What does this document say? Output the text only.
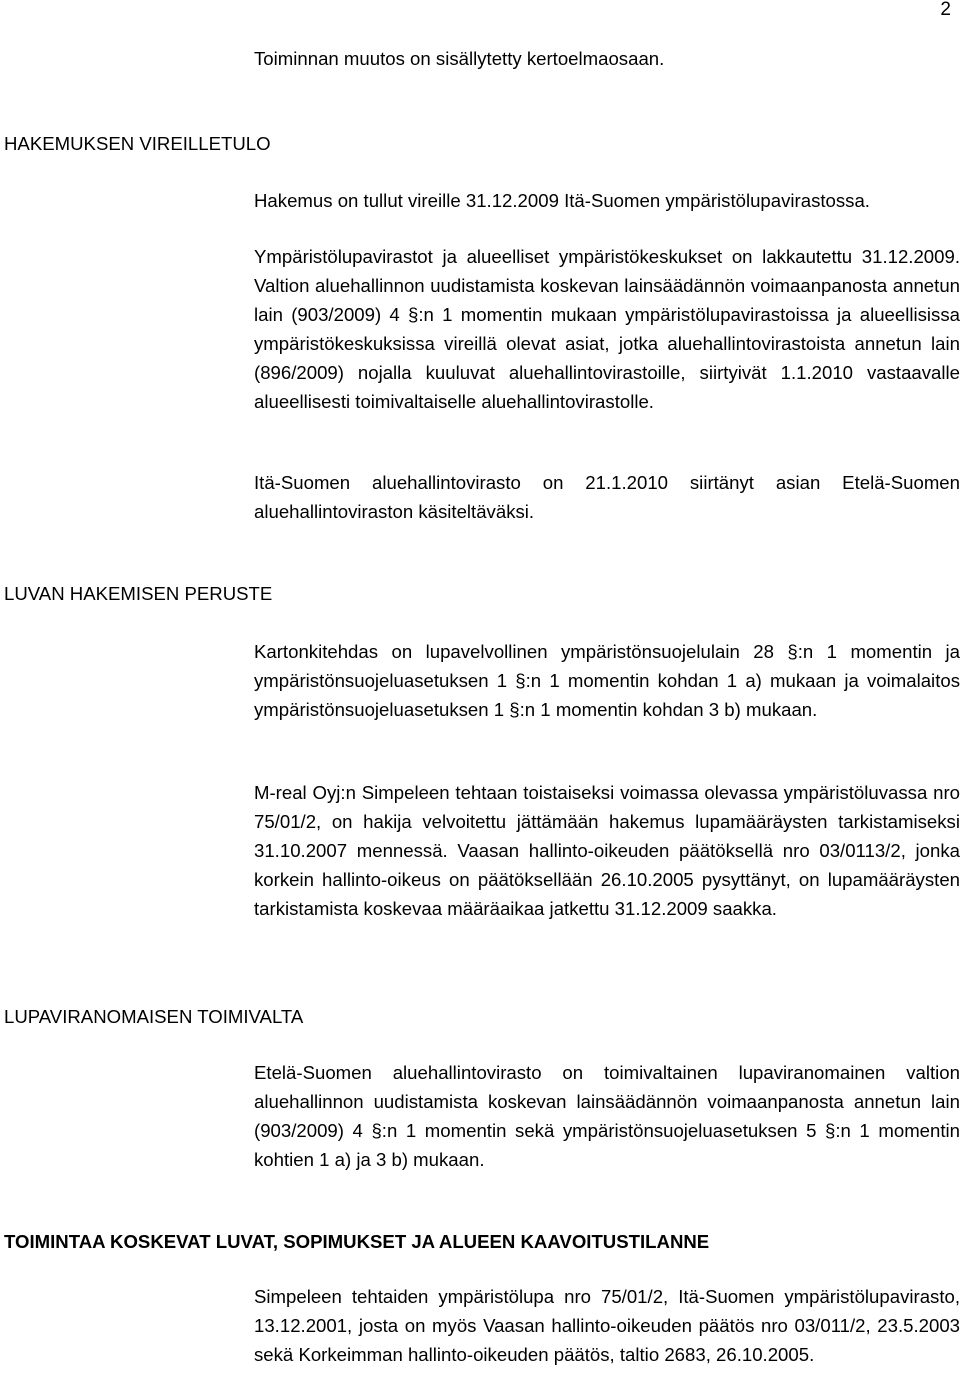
2

Toiminnan muutos on sisällytetty kertoelmaosaan.

HAKEMUKSEN VIREILLETULO

Hakemus on tullut vireille 31.12.2009 Itä-Suomen ympäristölupavirastossa.

Ympäristölupavirastot ja alueelliset ympäristökeskukset on lakkautettu 31.12.2009. Valtion aluehallinnon uudistamista koskevan lainsäädännön voimaanpanosta annetun lain (903/2009) 4 §:n 1 momentin mukaan ympäristölupavirastoissa ja alueellisissa ympäristökeskuksissa vireillä olevat asiat, jotka aluehallintovirastoista annetun lain (896/2009) nojalla kuuluvat aluehallintovirastoille, siirtyivät 1.1.2010 vastaavalle alueellisesti toimivaltaiselle aluehallintovirastolle.

Itä-Suomen aluehallintovirasto on 21.1.2010 siirtänyt asian Etelä-Suomen aluehallintoviraston käsiteltäväksi.

LUVAN HAKEMISEN PERUSTE

Kartonkitehdas on lupavelvollinen ympäristönsuojelulain 28 §:n 1 momentin ja ympäristönsuojeluasetuksen 1 §:n 1 momentin kohdan 1 a) mukaan ja voimalaitos ympäristönsuojeluasetuksen 1 §:n 1 momentin kohdan 3 b) mukaan.

M-real Oyj:n Simpeleen tehtaan toistaiseksi voimassa olevassa ympäristöluvassa nro 75/01/2, on hakija velvoitettu jättämään hakemus lupamääräysten tarkistamiseksi 31.10.2007 mennessä. Vaasan hallinto-oikeuden päätöksellä nro 03/0113/2, jonka korkein hallinto-oikeus on päätöksellään 26.10.2005 pysyttänyt, on lupamääräysten tarkistamista koskevaa määräaikaa jatkettu 31.12.2009 saakka.

LUPAVIRANOMAISEN TOIMIVALTA

Etelä-Suomen aluehallintovirasto on toimivaltainen lupaviranomainen valtion aluehallinnon uudistamista koskevan lainsäädännön voimaanpanosta annetun lain (903/2009) 4 §:n 1 momentin sekä ympäristönsuojeluasetuksen 5 §:n 1 momentin kohtien 1 a) ja 3 b) mukaan.

TOIMINTAA KOSKEVAT LUVAT, SOPIMUKSET JA ALUEEN KAAVOITUSTILANNE

Simpeleen tehtaiden ympäristölupa nro 75/01/2, Itä-Suomen ympäristölupavirasto, 13.12.2001, josta on myös Vaasan hallinto-oikeuden päätös nro 03/011/2, 23.5.2003 sekä Korkeimman hallinto-oikeuden päätös, taltio 2683, 26.10.2005.
